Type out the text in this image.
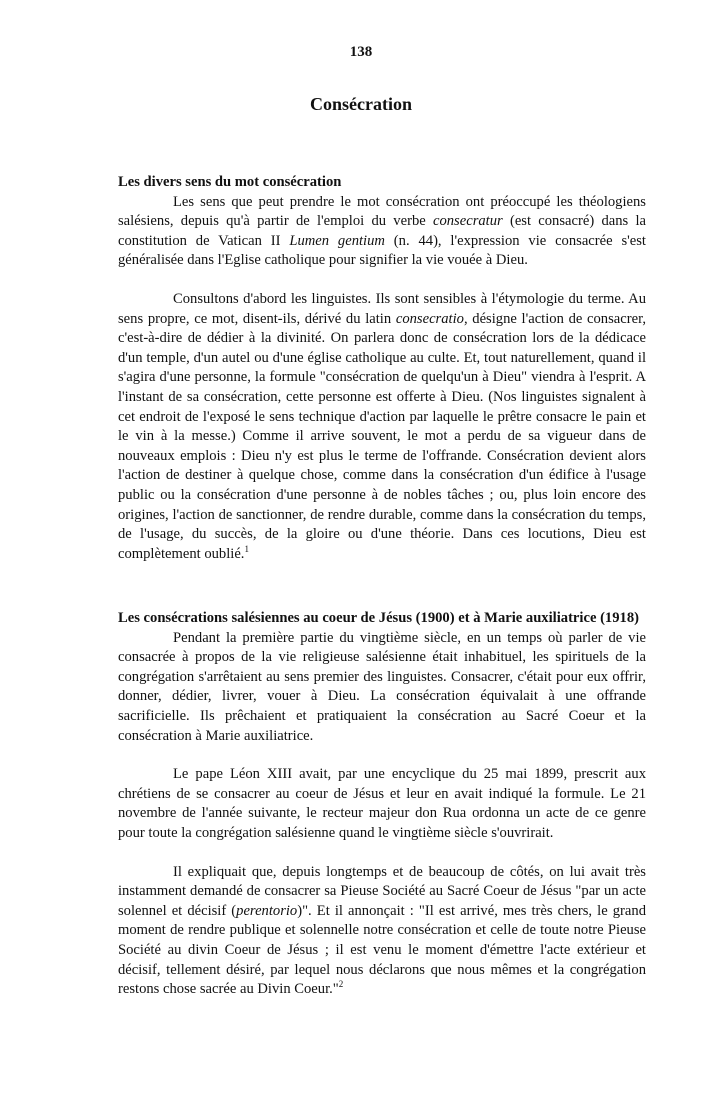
138
Consécration

Les divers sens du mot consécration

Les sens que peut prendre le mot consécration ont préoccupé les théologiens salésiens, depuis qu'à partir de l'emploi du verbe consecratur (est consacré) dans la constitution de Vatican II Lumen gentium (n. 44), l'expression vie consacrée s'est généralisée dans l'Eglise catholique pour signifier la vie vouée à Dieu.

Consultons d'abord les linguistes. Ils sont sensibles à l'étymologie du terme. Au sens propre, ce mot, disent-ils, dérivé du latin consecratio, désigne l'action de consacrer, c'est-à-dire de dédier à la divinité. On parlera donc de consécration lors de la dédicace d'un temple, d'un autel ou d'une église catholique au culte. Et, tout naturellement, quand il s'agira d'une personne, la formule "consécration de quelqu'un à Dieu" viendra à l'esprit. A l'instant de sa consécration, cette personne est offerte à Dieu. (Nos linguistes signalent à cet endroit de l'exposé le sens technique d'action par laquelle le prêtre consacre le pain et le vin à la messe.) Comme il arrive souvent, le mot a perdu de sa vigueur dans de nouveaux emplois : Dieu n'y est plus le terme de l'offrande. Consécration devient alors l'action de destiner à quelque chose, comme dans la consécration d'un édifice à l'usage public ou la consécration d'une personne à de nobles tâches ; ou, plus loin encore des origines, l'action de sanctionner, de rendre durable, comme dans la consécration du temps, de l'usage, du succès, de la gloire ou d'une théorie. Dans ces locutions, Dieu est complètement oublié.$^1$

Les consécrations salésiennes au coeur de Jésus (1900) et à Marie auxiliatrice (1918)

Pendant la première partie du vingtième siècle, en un temps où parler de vie consacrée à propos de la vie religieuse salésienne était inhabituel, les spirituels de la congrégation s'arrêtaient au sens premier des linguistes. Consacrer, c'était pour eux offrir, donner, dédier, livrer, vouer à Dieu. La consécration équivalait à une offrande sacrificielle. Ils prêchaient et pratiquaient la consécration au Sacré Coeur et la consécration à Marie auxiliatrice.

Le pape Léon XIII avait, par une encyclique du 25 mai 1899, prescrit aux chrétiens de se consacrer au coeur de Jésus et leur en avait indiqué la formule. Le 21 novembre de l'année suivante, le recteur majeur don Rua ordonna un acte de ce genre pour toute la congrégation salésienne quand le vingtième siècle s'ouvrirait.

Il expliquait que, depuis longtemps et de beaucoup de côtés, on lui avait très instamment demandé de consacrer sa Pieuse Société au Sacré Coeur de Jésus "par un acte solennel et décisif (perentorio)". Et il annonçait : "Il est arrivé, mes très chers, le grand moment de rendre publique et solennelle notre consécration et celle de toute notre Pieuse Société au divin Coeur de Jésus ; il est venu le moment d'émettre l'acte extérieur et décisif, tellement désiré, par lequel nous déclarons que nous mêmes et la congrégation restons chose sacrée au Divin Coeur."$^2$
